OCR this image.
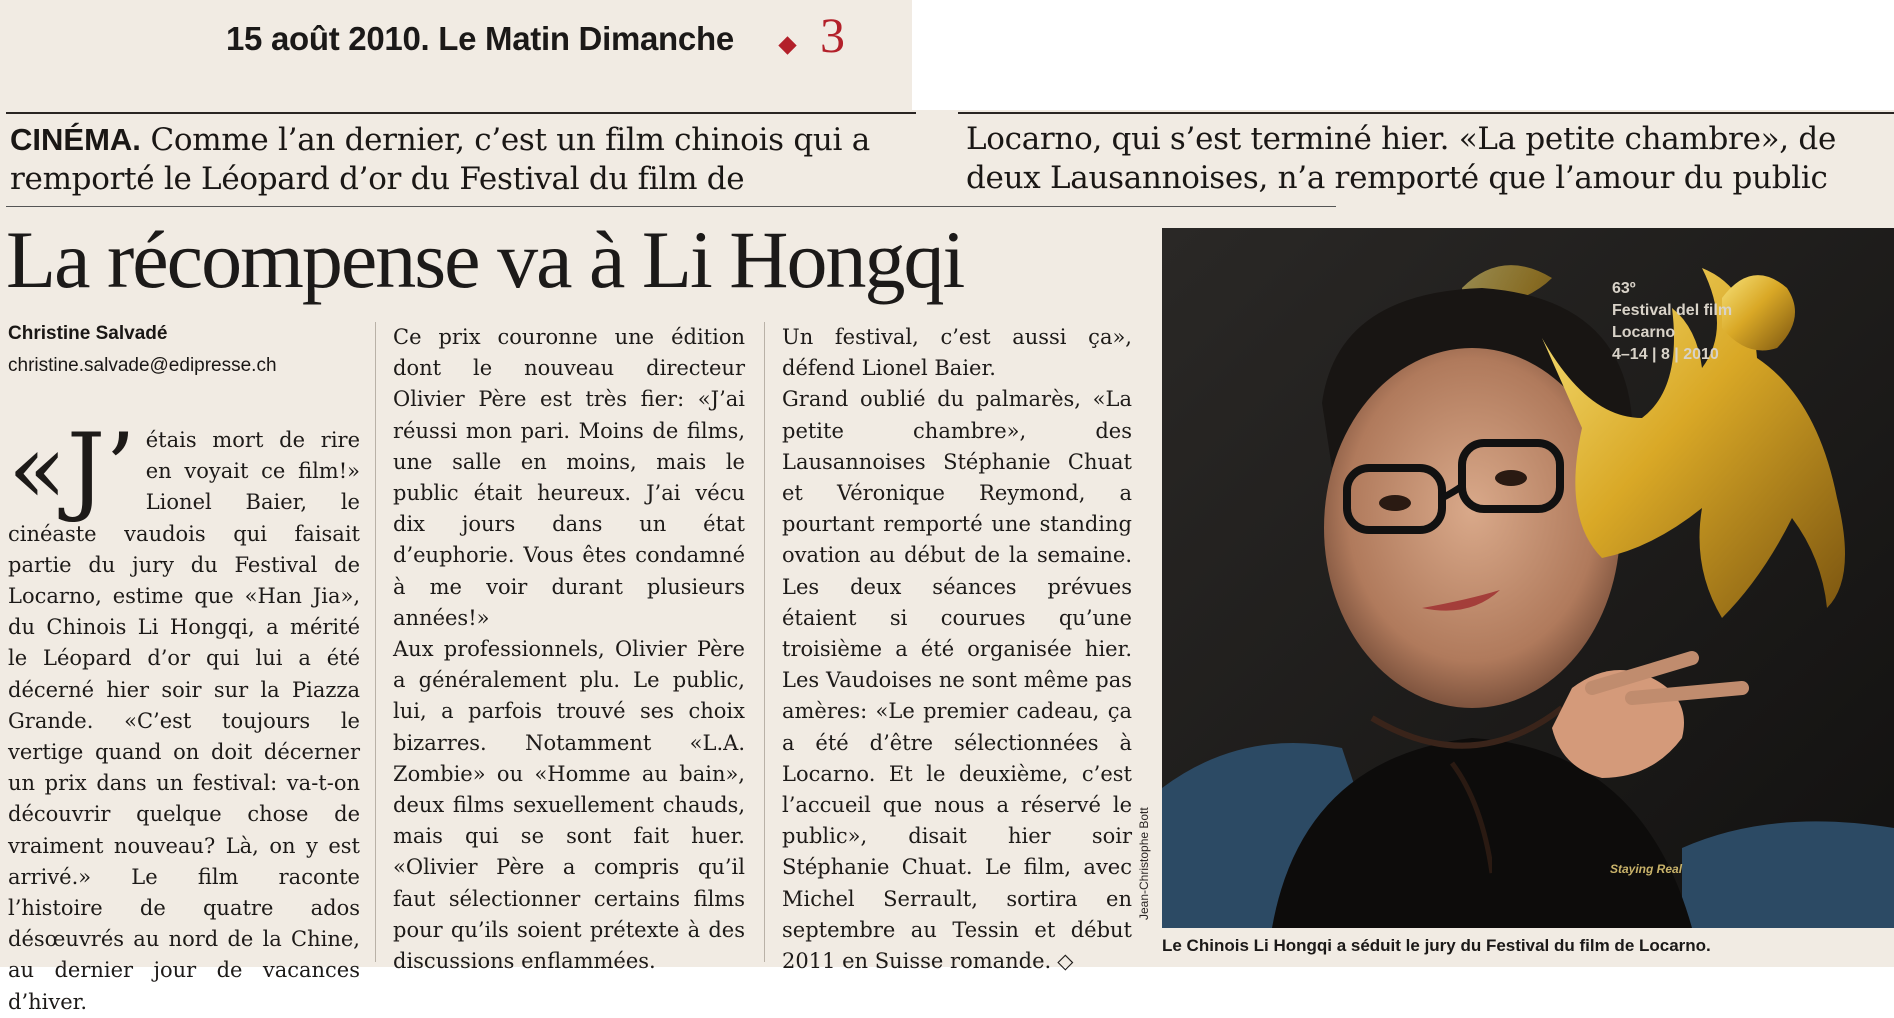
15 août 2010. Le Matin Dimanche 3
CINÉMA. Comme l’an dernier, c’est un film chinois qui a remporté le Léopard d’or du Festival du film de
Locarno, qui s’est terminé hier. «La petite chambre», de
deux Lausannoises, n’a remporté que l’amour du public
La récompense va à Li Hongqi
Christine Salvadé
christine.salvade@edipresse.ch

«J’ étais mort de rire en voyait ce film!» Lionel Baier, le cinéaste vaudois qui faisait partie du jury du Festival de Locarno, estime que «Han Jia», du Chinois Li Hongqi, a mérité le Léopard d’or qui lui a été décerné hier soir sur la Piazza Grande. «C’est toujours le vertige quand on doit décerner un prix dans un festival: va-t-on découvrir quelque chose de vraiment nouveau? Là, on y est arrivé.» Le film raconte l’histoire de quatre ados désœuvrés au nord de la Chine, au dernier jour de vacances d’hiver.

Ce prix couronne une édition dont le nouveau directeur Olivier Père est très fier: «J’ai réussi mon pari. Moins de films, une salle en moins, mais le public était heureux. J’ai vécu dix jours dans un état d’euphorie. Vous êtes condamné à me voir durant plusieurs années!»

Aux professionnels, Olivier Père a généralement plu. Le public, lui, a parfois trouvé ses choix bizarres. Notamment «L.A. Zombie» ou «Homme au bain», deux films sexuellement chauds, mais qui se sont fait huer. «Olivier Père a compris qu’il faut sélectionner certains films pour qu’ils soient prétexte à des discussions enflammées.

Un festival, c’est aussi ça», défend Lionel Baier.

Grand oublié du palmarès, «La petite chambre», des Lausannoises Stéphanie Chuat et Véronique Reymond, a pourtant remporté une standing ovation au début de la semaine. Les deux séances prévues étaient si courues qu’une troisième a été organisée hier. Les Vaudoises ne sont même pas amères: «Le premier cadeau, ça a été d’être sélectionnées à Locarno. Et le deuxième, c’est l’accueil que nous a réservé le public», disait hier soir Stéphanie Chuat. Le film, avec Michel Serrault, sortira en septembre au Tessin et début 2011 en Suisse romande. ◇

63º
Festival del film
Locarno
4–14 | 8 | 2010
Staying Real
Jean-Christophe Bott
Le Chinois Li Hongqi a séduit le jury du Festival du film de Locarno.
